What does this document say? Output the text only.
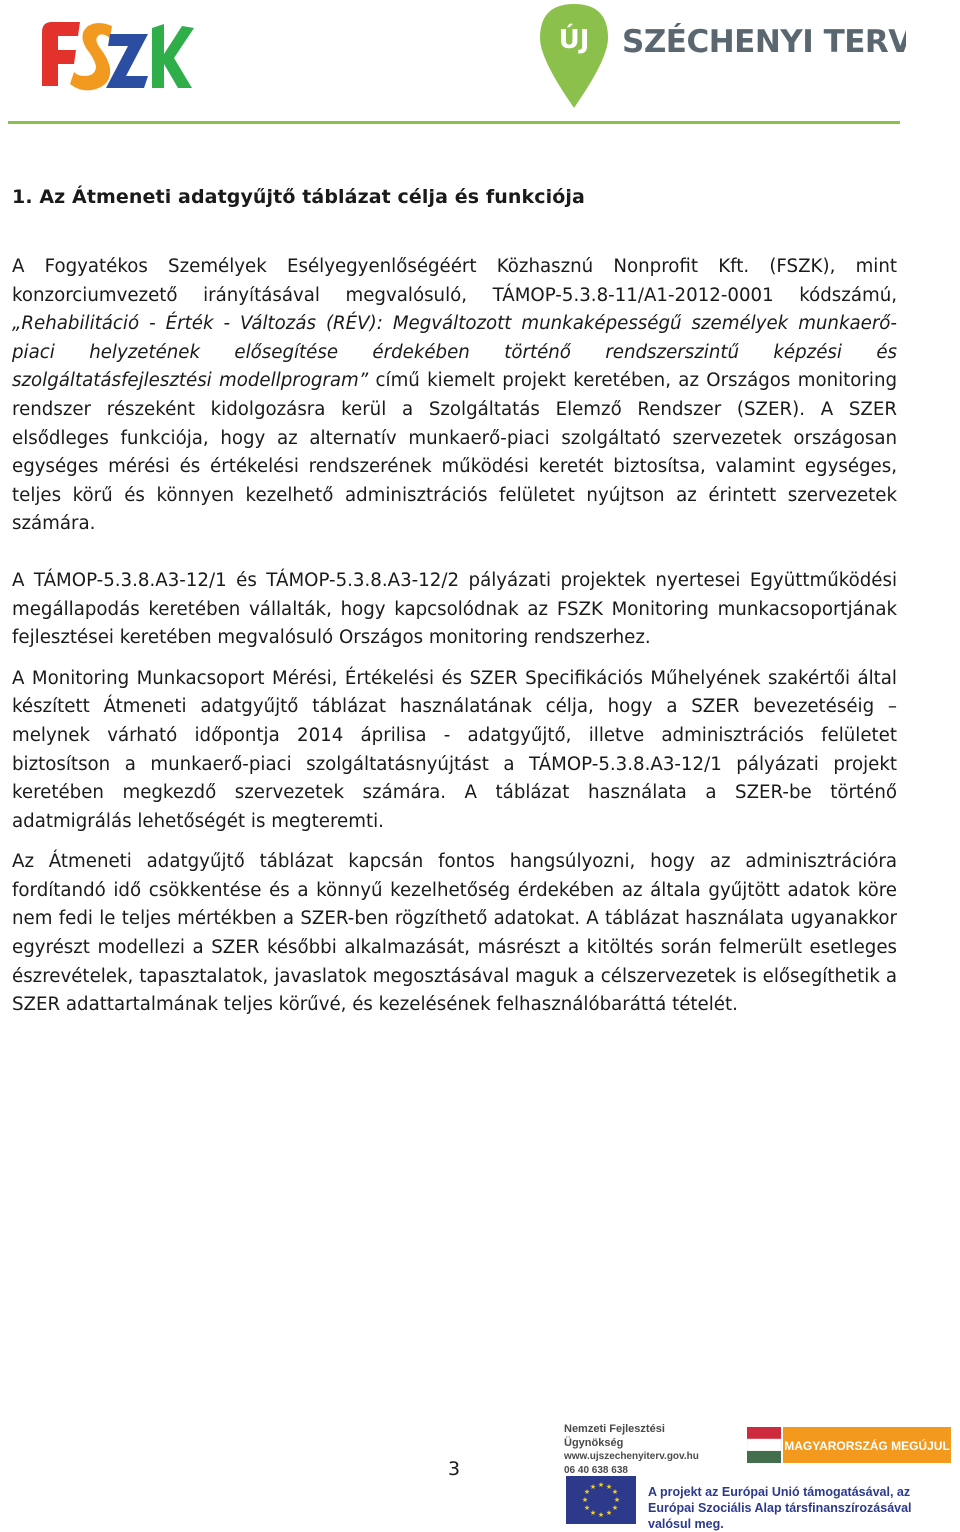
ÚJ SZÉCHENYI TERV
1. Az Átmeneti adatgyűjtő táblázat célja és funkciója

A Fogyatékos Személyek Esélyegyenlőségéért Közhasznú Nonprofit Kft. (FSZK), mint konzorciumvezető irányításával megvalósuló, TÁMOP-5.3.8-11/A1-2012-0001 kódszámú, „Rehabilitáció - Érték - Változás (RÉV): Megváltozott munkaképességű személyek munkaerő-piaci helyzetének elősegítése érdekében történő rendszerszintű képzési és szolgáltatásfejlesztési modellprogram” című kiemelt projekt keretében, az Országos monitoring rendszer részeként kidolgozásra kerül a Szolgáltatás Elemző Rendszer (SZER). A SZER elsődleges funkciója, hogy az alternatív munkaerő-piaci szolgáltató szervezetek országosan egységes mérési és értékelési rendszerének működési keretét biztosítsa, valamint egységes, teljes körű és könnyen kezelhető adminisztrációs felületet nyújtson az érintett szervezetek számára.

A TÁMOP-5.3.8.A3-12/1 és TÁMOP-5.3.8.A3-12/2 pályázati projektek nyertesei Együttműködési megállapodás keretében vállalták, hogy kapcsolódnak az FSZK Monitoring munkacsoportjának fejlesztései keretében megvalósuló Országos monitoring rendszerhez.

A Monitoring Munkacsoport Mérési, Értékelési és SZER Specifikációs Műhelyének szakértői által készített Átmeneti adatgyűjtő táblázat használatának célja, hogy a SZER bevezetéséig – melynek várható időpontja 2014 áprilisa - adatgyűjtő, illetve adminisztrációs felületet biztosítson a munkaerő-piaci szolgáltatásnyújtást a TÁMOP-5.3.8.A3-12/1 pályázati projekt keretében megkezdő szervezetek számára. A táblázat használata a SZER-be történő adatmigrálás lehetőségét is megteremti.

Az Átmeneti adatgyűjtő táblázat kapcsán fontos hangsúlyozni, hogy az adminisztrációra fordítandó idő csökkentése és a könnyű kezelhetőség érdekében az általa gyűjtött adatok köre nem fedi le teljes mértékben a SZER-ben rögzíthető adatokat. A táblázat használata ugyanakkor egyrészt modellezi a SZER későbbi alkalmazását, másrészt a kitöltés során felmerült esetleges észrevételek, tapasztalatok, javaslatok megosztásával maguk a célszervezetek is elősegíthetik a SZER adattartalmának teljes körűvé, és kezelésének felhasználóbaráttá tételét.

3
Nemzeti Fejlesztési Ügynökség
www.ujszechenyiterv.gov.hu
06 40 638 638
MAGYARORSZÁG MEGÚJUL
★ ★
★
★
★
★
★
★
★
★
★
★	A projekt az Európai Unió támogatásával, az Európai Szociális Alap társfinanszírozásával valósul meg.
